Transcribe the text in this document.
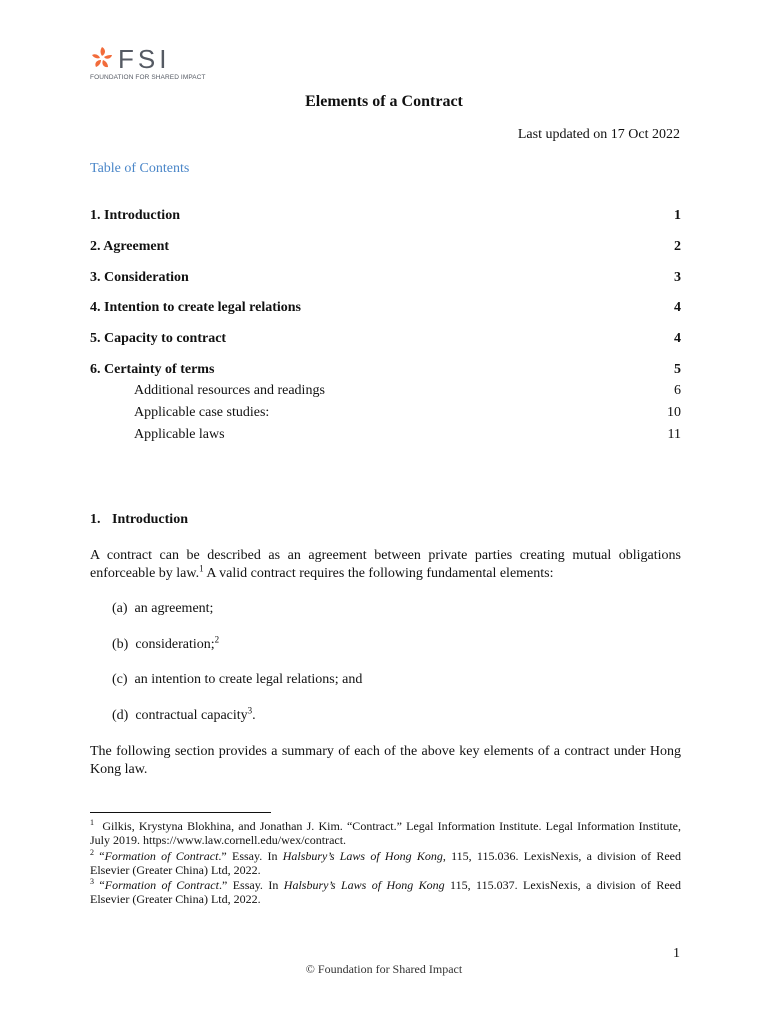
FSI
FOUNDATION FOR SHARED IMPACT
Elements of a Contract
Last updated on 17 Oct 2022
Table of Contents
1. Introduction	1
2. Agreement	2
3. Consideration	3
4. Intention to create legal relations	4
5. Capacity to contract	4
6. Certainty of terms	5
Additional resources and readings	6
Applicable case studies:	10
Applicable laws	11
1. Introduction
A contract can be described as an agreement between private parties creating mutual obligations enforceable by law.$^1$ A valid contract requires the following fundamental elements:
(a)  an agreement;
(b)  consideration;$^2$
(c)  an intention to create legal relations; and
(d)  contractual capacity$^3$.
The following section provides a summary of each of the above key elements of a contract under Hong Kong law.
$^1$  Gilkis, Krystyna Blokhina, and Jonathan J. Kim. “Contract.” Legal Information Institute. Legal Information Institute, July 2019. https://www.law.cornell.edu/wex/contract.
$^2$ “Formation of Contract.” Essay. In Halsbury’s Laws of Hong Kong, 115, 115.036. LexisNexis, a division of Reed Elsevier (Greater China) Ltd, 2022.
$^3$ “Formation of Contract.” Essay. In Halsbury’s Laws of Hong Kong 115, 115.037. LexisNexis, a division of Reed Elsevier (Greater China) Ltd, 2022.
1
© Foundation for Shared Impact
